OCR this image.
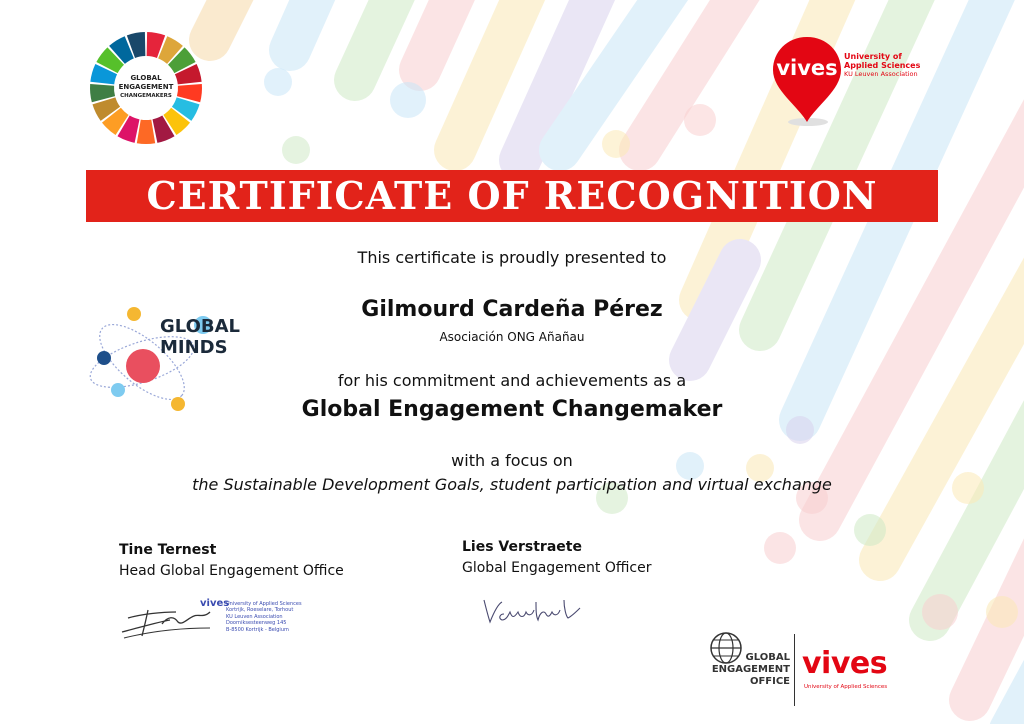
GLOBAL
ENGAGEMENT
CHANGEMAKERS
vives University of
Applied Sciences
KU Leuven Association
CERTIFICATE OF RECOGNITION
GLOBAL
MINDS
This certificate is proudly presented to
Gilmourd Cardeña Pérez
Asociación ONG Añañau
for his commitment and achievements as a
Global Engagement Changemaker
with a focus on
the Sustainable Development Goals, student participation and virtual exchange
Tine Ternest
Head Global Engagement Office
vives
University of Applied Sciences
Kortrijk, Roeselare, Torhout
KU Leuven Association
Doorniksesteenweg 145
B-8500 Kortrijk - Belgium
Lies Verstraete
Global Engagement Officer
GLOBAL
ENGAGEMENT
OFFICE
vives
University of Applied Sciences
